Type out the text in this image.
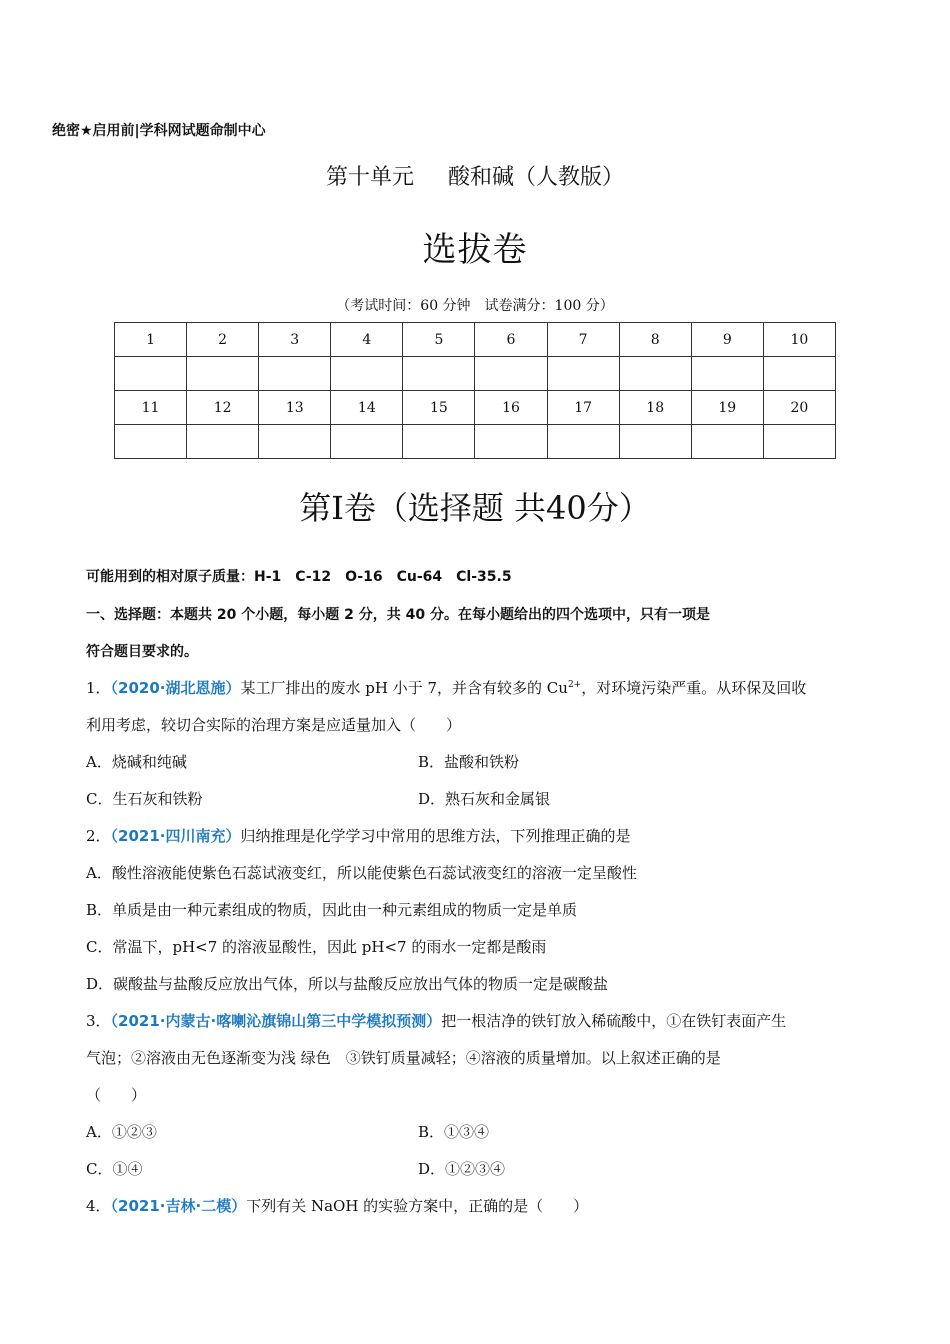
绝密★启用前|学科网试题命制中心
第十单元 酸和碱（人教版）
选拔卷
（考试时间：60 分钟　试卷满分：100 分）
1	2	3	4	5	6	7	8	9	10

11	12	13	14	15	16	17	18	19	20

第Ⅰ卷（选择题 共40分）
可能用到的相对原子质量：H-1　C-12　O-16　Cu-64　Cl-35.5
一、选择题：本题共 20 个小题，每小题 2 分，共 40 分。在每小题给出的四个选项中，只有一项是
符合题目要求的。
1．（2020·湖北恩施）某工厂排出的废水 pH 小于 7，并含有较多的 $Cu^{2+}$，对环境污染严重。从环保及回收
利用考虑，较切合实际的治理方案是应适量加入（　　）
A．烧碱和纯碱	B．盐酸和铁粉
C．生石灰和铁粉	D．熟石灰和金属银
2．（2021·四川南充）归纳推理是化学学习中常用的思维方法，下列推理正确的是
A．酸性溶液能使紫色石蕊试液变红，所以能使紫色石蕊试液变红的溶液一定呈酸性
B．单质是由一种元素组成的物质，因此由一种元素组成的物质一定是单质
C．常温下，pH<7 的溶液显酸性，因此 pH<7 的雨水一定都是酸雨
D．碳酸盐与盐酸反应放出气体，所以与盐酸反应放出气体的物质一定是碳酸盐
3．（2021·内蒙古·喀喇沁旗锦山第三中学模拟预测）把一根洁净的铁钉放入稀硫酸中，①在铁钉表面产生
气泡；②溶液由无色逐渐变为浅 绿色　③铁钉质量减轻；④溶液的质量增加。以上叙述正确的是
（　　）
A．①②③	B．①③④
C．①④	D．①②③④
4．（2021·吉林·二模）下列有关 NaOH 的实验方案中，正确的是（　　）
